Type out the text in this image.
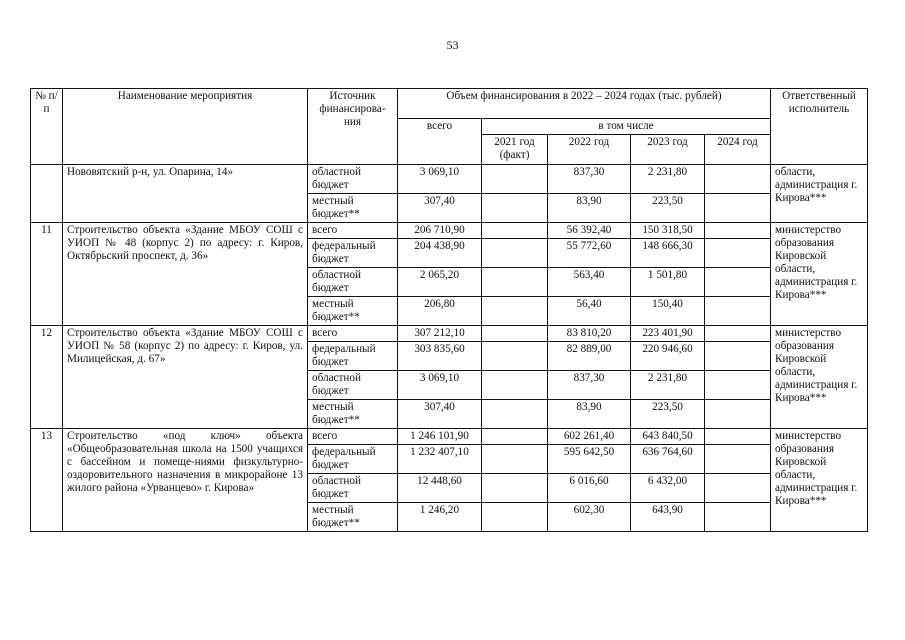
53
№ п/п	Наименование мероприятия	Источник финансирова-ния	Объем финансирования в 2022 – 2024 годах (тыс. рублей)					Ответственный исполнитель
			всего	в том числе				
				2021 год (факт)	2022 год	2023 год	2024 год	
	Нововятский р-н, ул. Опарина, 14»	областной бюджет	3 069,10		837,30	2 231,80		области, администрация г. Кирова***
		местный бюджет**	307,40		83,90	223,50		
11	Строительство объекта «Здание МБОУ СОШ с УИОП № 48 (корпус 2) по адресу: г. Киров, Октябрьский проспект, д. 36»	всего	206 710,90		56 392,40	150 318,50		министерство образования Кировской области, администрация г. Кирова***
		федеральный бюджет	204 438,90		55 772,60	148 666,30		
		областной бюджет	2 065,20		563,40	1 501,80		
		местный бюджет**	206,80		56,40	150,40		
12	Строительство объекта «Здание МБОУ СОШ с УИОП № 58 (корпус 2) по адресу: г. Киров, ул. Милицейская, д. 67»	всего	307 212,10		83 810,20	223 401,90		министерство образования Кировской области, администрация г. Кирова***
		федеральный бюджет	303 835,60		82 889,00	220 946,60		
		областной бюджет	3 069,10		837,30	2 231,80		
		местный бюджет**	307,40		83,90	223,50		
13	Строительство «под ключ» объекта «Общеобразовательная школа на 1500 учащихся с бассейном и помеще-ниями физкультурно-оздоровительного назначения в микрорайоне 13 жилого района «Урванцево» г. Кирова»	всего	1 246 101,90		602 261,40	643 840,50		министерство образования Кировской области, администрация г. Кирова***
		федеральный бюджет	1 232 407,10		595 642,50	636 764,60		
		областной бюджет	12 448,60		6 016,60	6 432,00		
		местный бюджет**	1 246,20		602,30	643,90		
